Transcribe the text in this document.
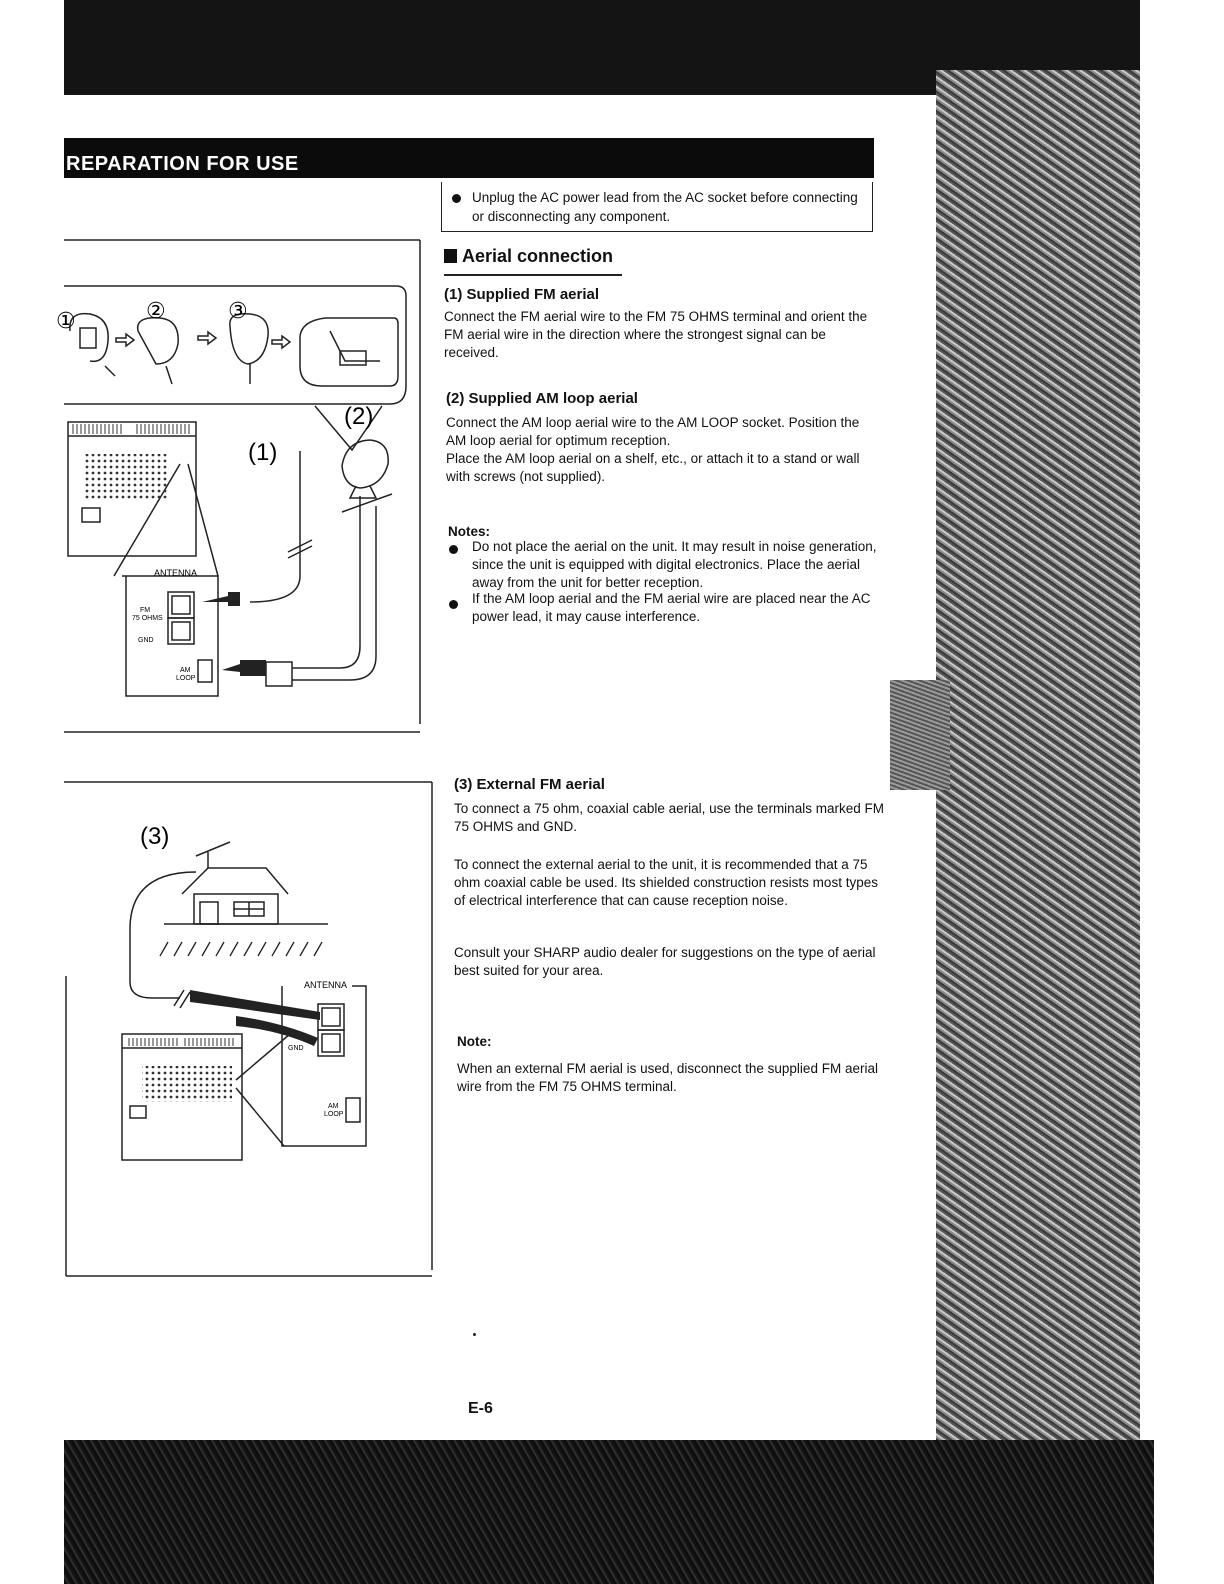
REPARATION FOR USE
Unplug the AC power lead from the AC socket before connecting or disconnecting any component.
Aerial connection
(1) Supplied FM aerial
Connect the FM aerial wire to the FM 75 OHMS terminal and orient the FM aerial wire in the direction where the strongest signal can be received.
(2) Supplied AM loop aerial
Connect the AM loop aerial wire to the AM LOOP socket. Position the AM loop aerial for optimum reception.
Place the AM loop aerial on a shelf, etc., or attach it to a stand or wall with screws (not supplied).
Notes:
Do not place the aerial on the unit. It may result in noise generation, since the unit is equipped with digital electronics. Place the aerial away from the unit for better reception.
If the AM loop aerial and the FM aerial wire are placed near the AC power lead, it may cause interference.
(3) External FM aerial
To connect a 75 ohm, coaxial cable aerial, use the terminals marked FM 75 OHMS and GND.
To connect the external aerial to the unit, it is recommended that a 75 ohm coaxial cable be used. Its shielded construction resists most types of electrical interference that can cause reception noise.
Consult your SHARP audio dealer for suggestions on the type of aerial best suited for your area.
Note:

When an external FM aerial is used, disconnect the supplied FM aerial wire from the FM 75 OHMS terminal.
E-6
①	②	③
(1)
(2)
ANTENNA
FM
75 OHMS
GND
AM
LOOP
(3)
ANTENNA
GND
AM
LOOP
